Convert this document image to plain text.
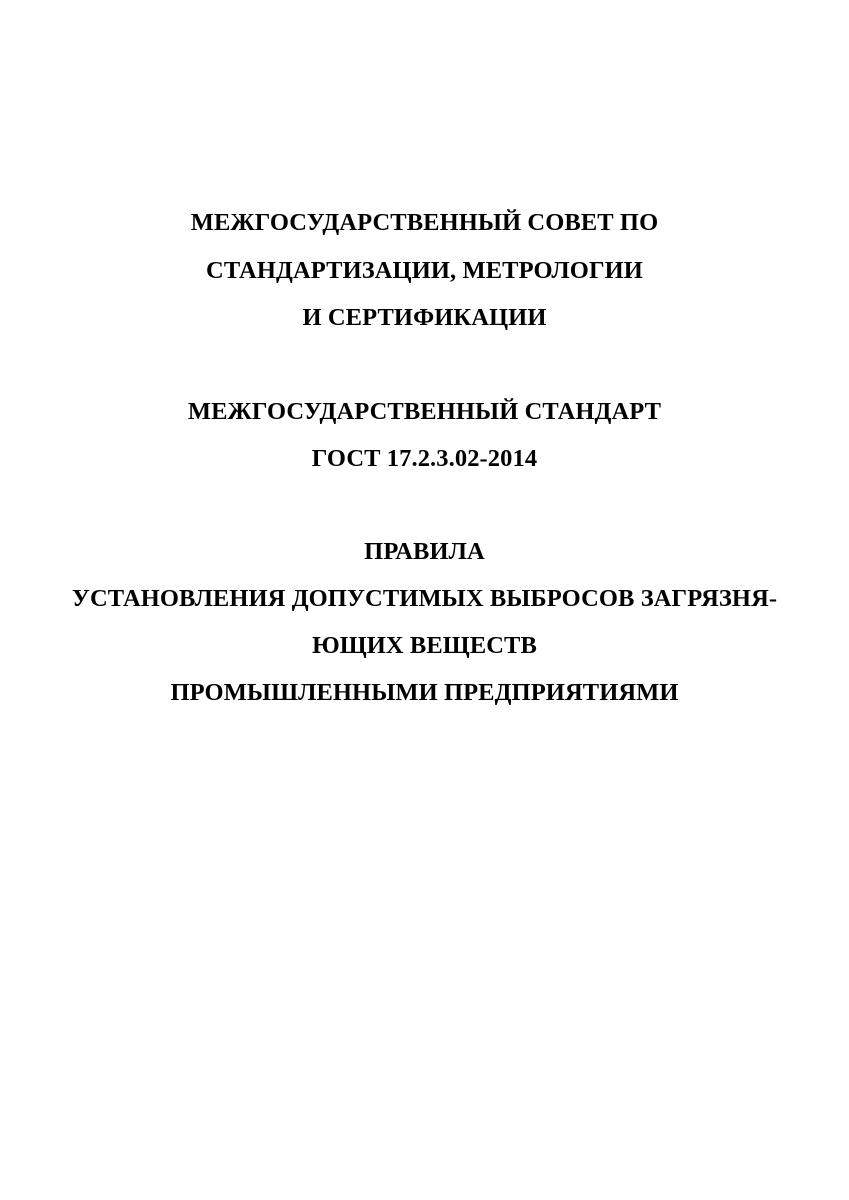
МЕЖГОСУДАРСТВЕННЫЙ СОВЕТ ПО
СТАНДАРТИЗАЦИИ, МЕТРОЛОГИИ
И СЕРТИФИКАЦИИ
МЕЖГОСУДАРСТВЕННЫЙ СТАНДАРТ
ГОСТ 17.2.3.02-2014
ПРАВИЛА
УСТАНОВЛЕНИЯ ДОПУСТИМЫХ ВЫБРОСОВ ЗАГРЯЗНЯ-
ЮЩИХ ВЕЩЕСТВ
ПРОМЫШЛЕННЫМИ ПРЕДПРИЯТИЯМИ
